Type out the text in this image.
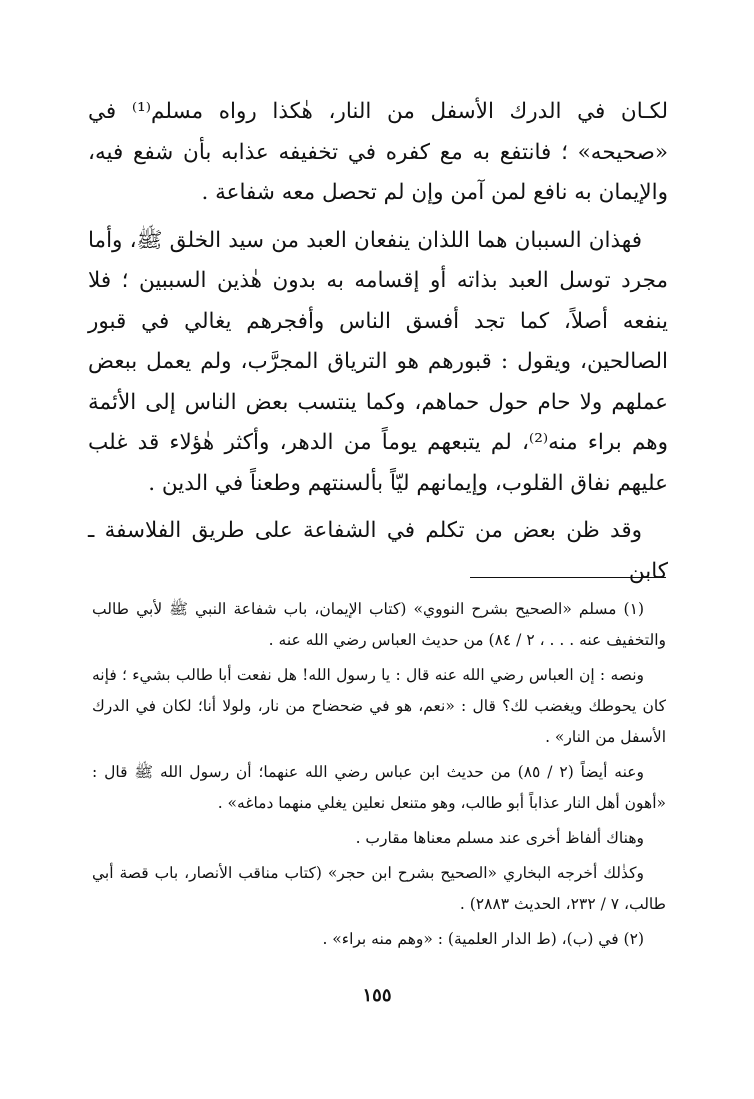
لكـان في الدرك الأسفل من النار، هٰكذا رواه مسلم⁽¹⁾ في «صحيحه» ؛ فانتفع به مع كفره في تخفيفه عذابه بأن شفع فيه، والإيمان به نافع لمن آمن وإن لم تحصل معه شفاعة .

فهذان السببان هما اللذان ينفعان العبد من سيد الخلق ﷺ، وأما مجرد توسل العبد بذاته أو إقسامه به بدون هٰذين السببين ؛ فلا ينفعه أصلاً، كما تجد أفسق الناس وأفجرهم يغالي في قبور الصالحين، ويقول : قبورهم هو الترياق المجرَّب، ولم يعمل ببعض عملهم ولا حام حول حماهم، وكما ينتسب بعض الناس إلى الأئمة وهم براء منه⁽²⁾، لم يتبعهم يوماً من الدهر، وأكثر هٰؤلاء قد غلب عليهم نفاق القلوب، وإيمانهم ليّاً بألسنتهم وطعناً في الدين .

وقد ظن بعض من تكلم في الشفاعة على طريق الفلاسفة ـ كابن

(١) مسلم «الصحيح بشرح النووي» (كتاب الإيمان، باب شفاعة النبي ﷺ لأبي طالب والتخفيف عنه . . . ، ٢ / ٨٤) من حديث العباس رضي الله عنه .

ونصه : إن العباس رضي الله عنه قال : يا رسول الله! هل نفعت أبا طالب بشيء ؛ فإنه كان يحوطك ويغضب لك؟ قال : «نعم، هو في ضحضاح من نار، ولولا أنا؛ لكان في الدرك الأسفل من النار» .

وعنه أيضاً (٢ / ٨٥) من حديث ابن عباس رضي الله عنهما؛ أن رسول الله ﷺ قال : «أهون أهل النار عذاباً أبو طالب، وهو متنعل نعلين يغلي منهما دماغه» .

وهناك ألفاظ أخرى عند مسلم معناها مقارب .

وكذٰلك أخرجه البخاري «الصحيح بشرح ابن حجر» (كتاب مناقب الأنصار، باب قصة أبي طالب، ٧ / ٢٣٢، الحديث ٢٨٨٣) .

(٢) في (ب)، (ط الدار العلمية) : «وهم منه براء» .

١٥٥
